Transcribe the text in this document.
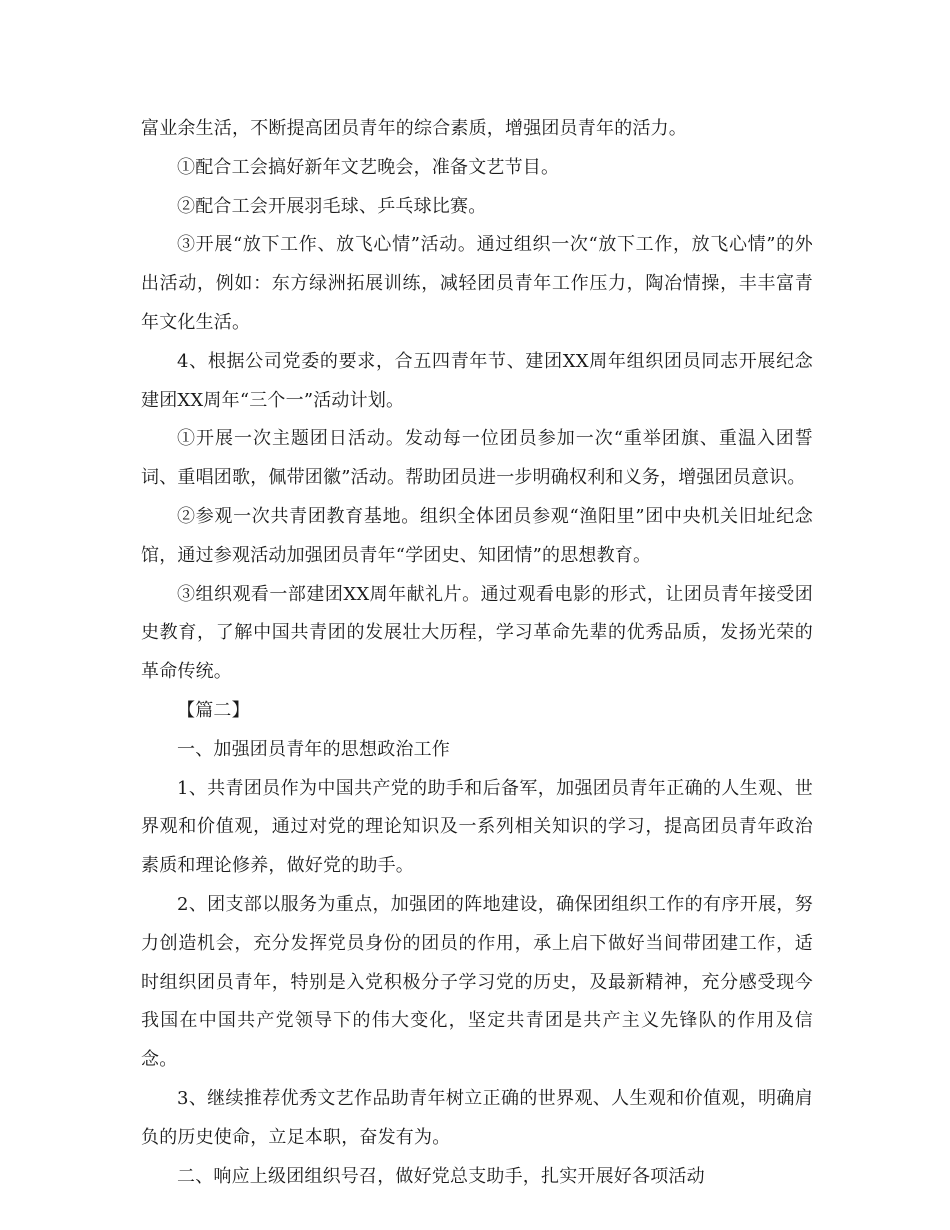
富业余生活，不断提高团员青年的综合素质，增强团员青年的活力。

①配合工会搞好新年文艺晚会，准备文艺节目。

②配合工会开展羽毛球、乒乓球比赛。

③开展“放下工作、放飞心情”活动。通过组织一次“放下工作，放飞心情”的外出活动，例如：东方绿洲拓展训练，减轻团员青年工作压力，陶冶情操，丰丰富青年文化生活。

4、根据公司党委的要求，合五四青年节、建团XX周年组织团员同志开展纪念建团XX周年“三个一”活动计划。

①开展一次主题团日活动。发动每一位团员参加一次“重举团旗、重温入团誓词、重唱团歌，佩带团徽”活动。帮助团员进一步明确权利和义务，增强团员意识。

②参观一次共青团教育基地。组织全体团员参观“渔阳里”团中央机关旧址纪念馆，通过参观活动加强团员青年“学团史、知团情”的思想教育。

③组织观看一部建团XX周年献礼片。通过观看电影的形式，让团员青年接受团史教育，了解中国共青团的发展壮大历程，学习革命先辈的优秀品质，发扬光荣的革命传统。

【篇二】

一、加强团员青年的思想政治工作

1、共青团员作为中国共产党的助手和后备军，加强团员青年正确的人生观、世界观和价值观，通过对党的理论知识及一系列相关知识的学习，提高团员青年政治素质和理论修养，做好党的助手。

2、团支部以服务为重点，加强团的阵地建设，确保团组织工作的有序开展，努力创造机会，充分发挥党员身份的团员的作用，承上启下做好当间带团建工作，适时组织团员青年，特别是入党积极分子学习党的历史，及最新精神，充分感受现今我国在中国共产党领导下的伟大变化，坚定共青团是共产主义先锋队的作用及信念。

3、继续推荐优秀文艺作品助青年树立正确的世界观、人生观和价值观，明确肩负的历史使命，立足本职，奋发有为。

二、响应上级团组织号召，做好党总支助手，扎实开展好各项活动
